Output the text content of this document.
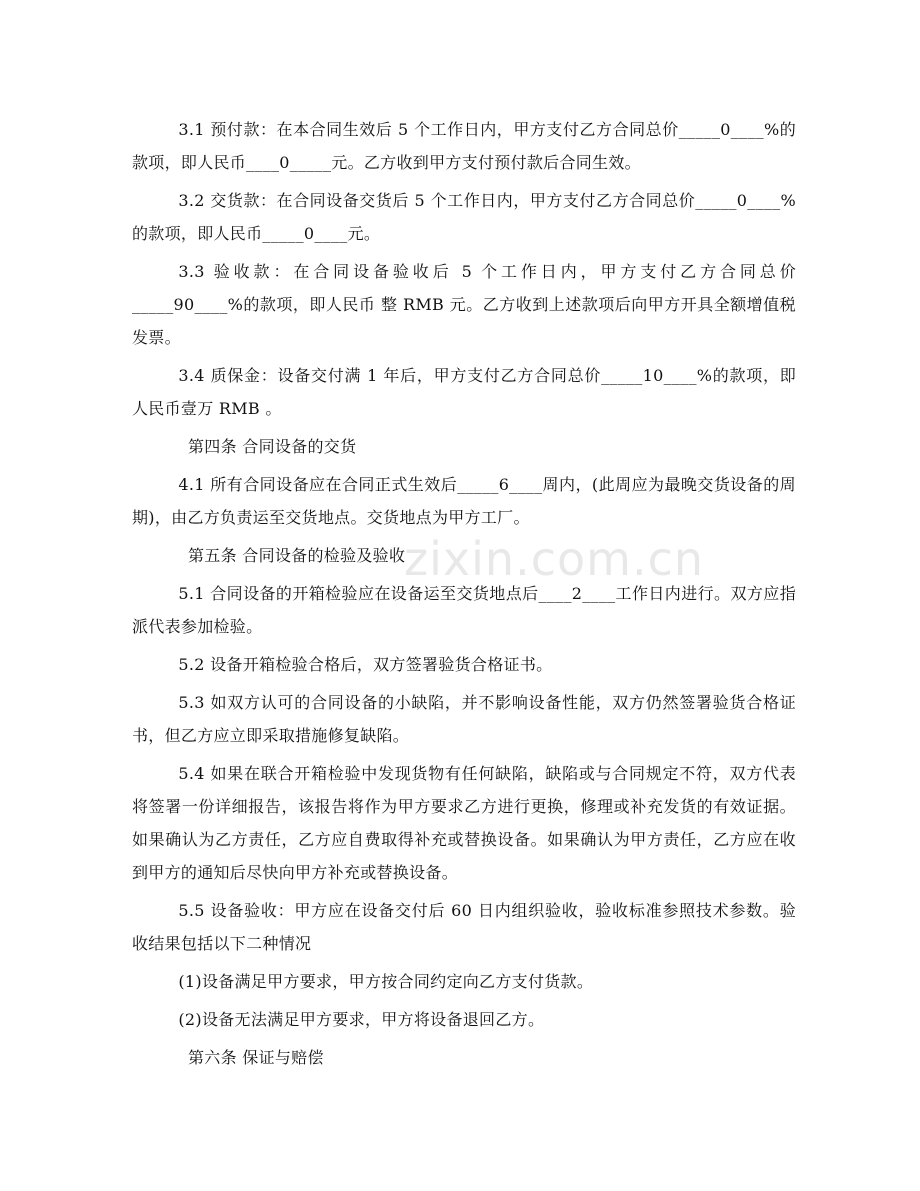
3.1 预付款：在本合同生效后 5 个工作日内，甲方支付乙方合同总价_____0____%的款项，即人民币____0_____元。乙方收到甲方支付预付款后合同生效。

3.2 交货款：在合同设备交货后 5 个工作日内，甲方支付乙方合同总价_____0____%的款项，即人民币_____0____元。

3.3 验收款：在合同设备验收后 5 个工作日内，甲方支付乙方合同总价_____90____%的款项，即人民币 整 RMB 元。乙方收到上述款项后向甲方开具全额增值税发票。

3.4 质保金：设备交付满 1 年后，甲方支付乙方合同总价_____10____%的款项，即人民币壹万 RMB 。

第四条 合同设备的交货

4.1 所有合同设备应在合同正式生效后_____6____周内，(此周应为最晚交货设备的周期)，由乙方负责运至交货地点。交货地点为甲方工厂。

第五条 合同设备的检验及验收

5.1 合同设备的开箱检验应在设备运至交货地点后____2____工作日内进行。双方应指派代表参加检验。

5.2 设备开箱检验合格后，双方签署验货合格证书。

5.3 如双方认可的合同设备的小缺陷，并不影响设备性能，双方仍然签署验货合格证书，但乙方应立即采取措施修复缺陷。

5.4 如果在联合开箱检验中发现货物有任何缺陷，缺陷或与合同规定不符，双方代表将签署一份详细报告，该报告将作为甲方要求乙方进行更换，修理或补充发货的有效证据。如果确认为乙方责任，乙方应自费取得补充或替换设备。如果确认为甲方责任，乙方应在收到甲方的通知后尽快向甲方补充或替换设备。

5.5 设备验收：甲方应在设备交付后 60 日内组织验收，验收标准参照技术参数。验收结果包括以下二种情况

(1)设备满足甲方要求，甲方按合同约定向乙方支付货款。

(2)设备无法满足甲方要求，甲方将设备退回乙方。

第六条 保证与赔偿

zixin.com.cn
